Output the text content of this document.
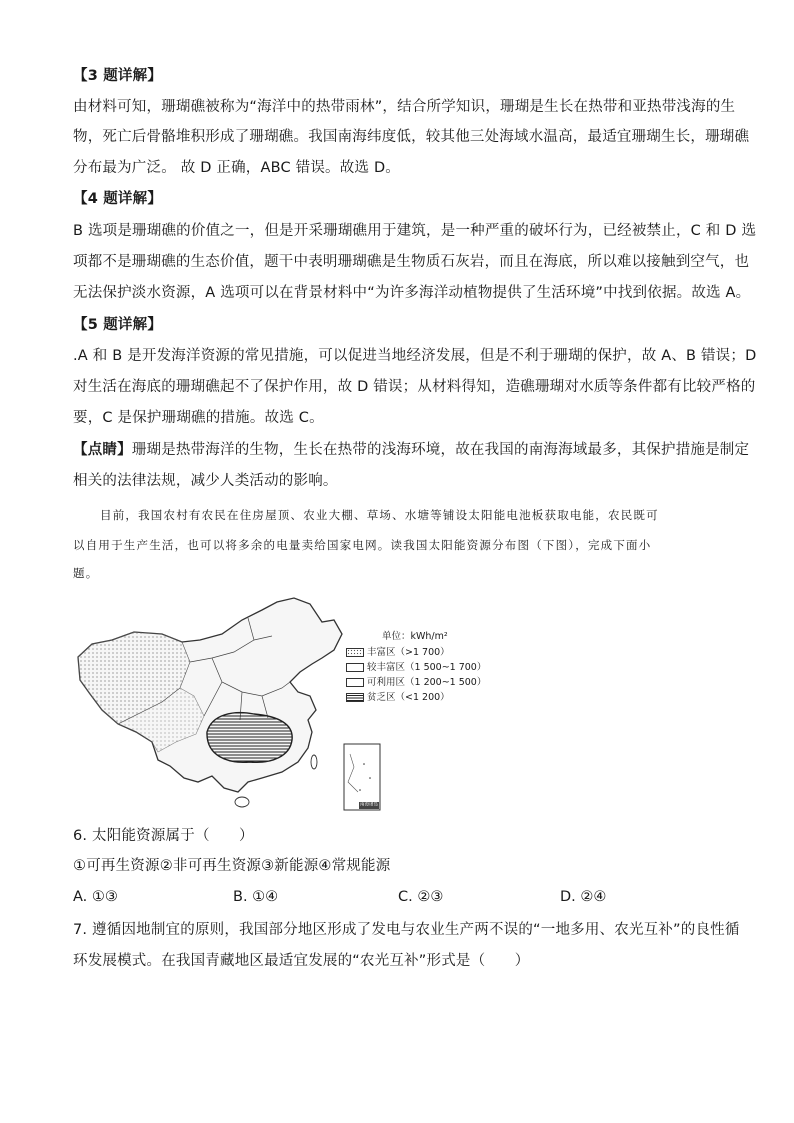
【3 题详解】
由材料可知，珊瑚礁被称为“海洋中的热带雨林”，结合所学知识，珊瑚是生长在热带和亚热带浅海的生
物，死亡后骨骼堆积形成了珊瑚礁。我国南海纬度低，较其他三处海域水温高，最适宜珊瑚生长，珊瑚礁
分布最为广泛。 故 D 正确，ABC 错误。故选 D。
【4 题详解】
B 选项是珊瑚礁的价值之一，但是开采珊瑚礁用于建筑，是一种严重的破坏行为，已经被禁止，C 和 D 选
项都不是珊瑚礁的生态价值，题干中表明珊瑚礁是生物质石灰岩，而且在海底，所以难以接触到空气，也
无法保护淡水资源，A 选项可以在背景材料中“为许多海洋动植物提供了生活环境”中找到依据。故选 A。
【5 题详解】
.A 和 B 是开发海洋资源的常见措施，可以促进当地经济发展，但是不利于珊瑚的保护，故 A、B 错误；D
对生活在海底的珊瑚礁起不了保护作用，故 D 错误；从材料得知，造礁珊瑚对水质等条件都有比较严格的
要，C 是保护珊瑚礁的措施。故选 C。
【点睛】珊瑚是热带海洋的生物，生长在热带的浅海环境，故在我国的南海海域最多，其保护措施是制定
相关的法律法规，减少人类活动的影响。
目前，我国农村有农民在住房屋顶、农业大棚、草场、水塘等铺设太阳能电池板获取电能，农民既可
以自用于生产生活，也可以将多余的电量卖给国家电网。读我国太阳能资源分布图（下图），完成下面小
题。
南海诸岛
单位：kWh/m²
丰富区（>1 700）
较丰富区（1 500~1 700）
可利用区（1 200~1 500）
贫乏区（<1 200）
6. 太阳能资源属于（　　）
①可再生资源②非可再生资源③新能源④常规能源
A. ①③	B. ①④	C. ②③	D. ②④
7. 遵循因地制宜的原则，我国部分地区形成了发电与农业生产两不误的“一地多用、农光互补”的良性循
环发展模式。在我国青藏地区最适宜发展的“农光互补”形式是（　　）
